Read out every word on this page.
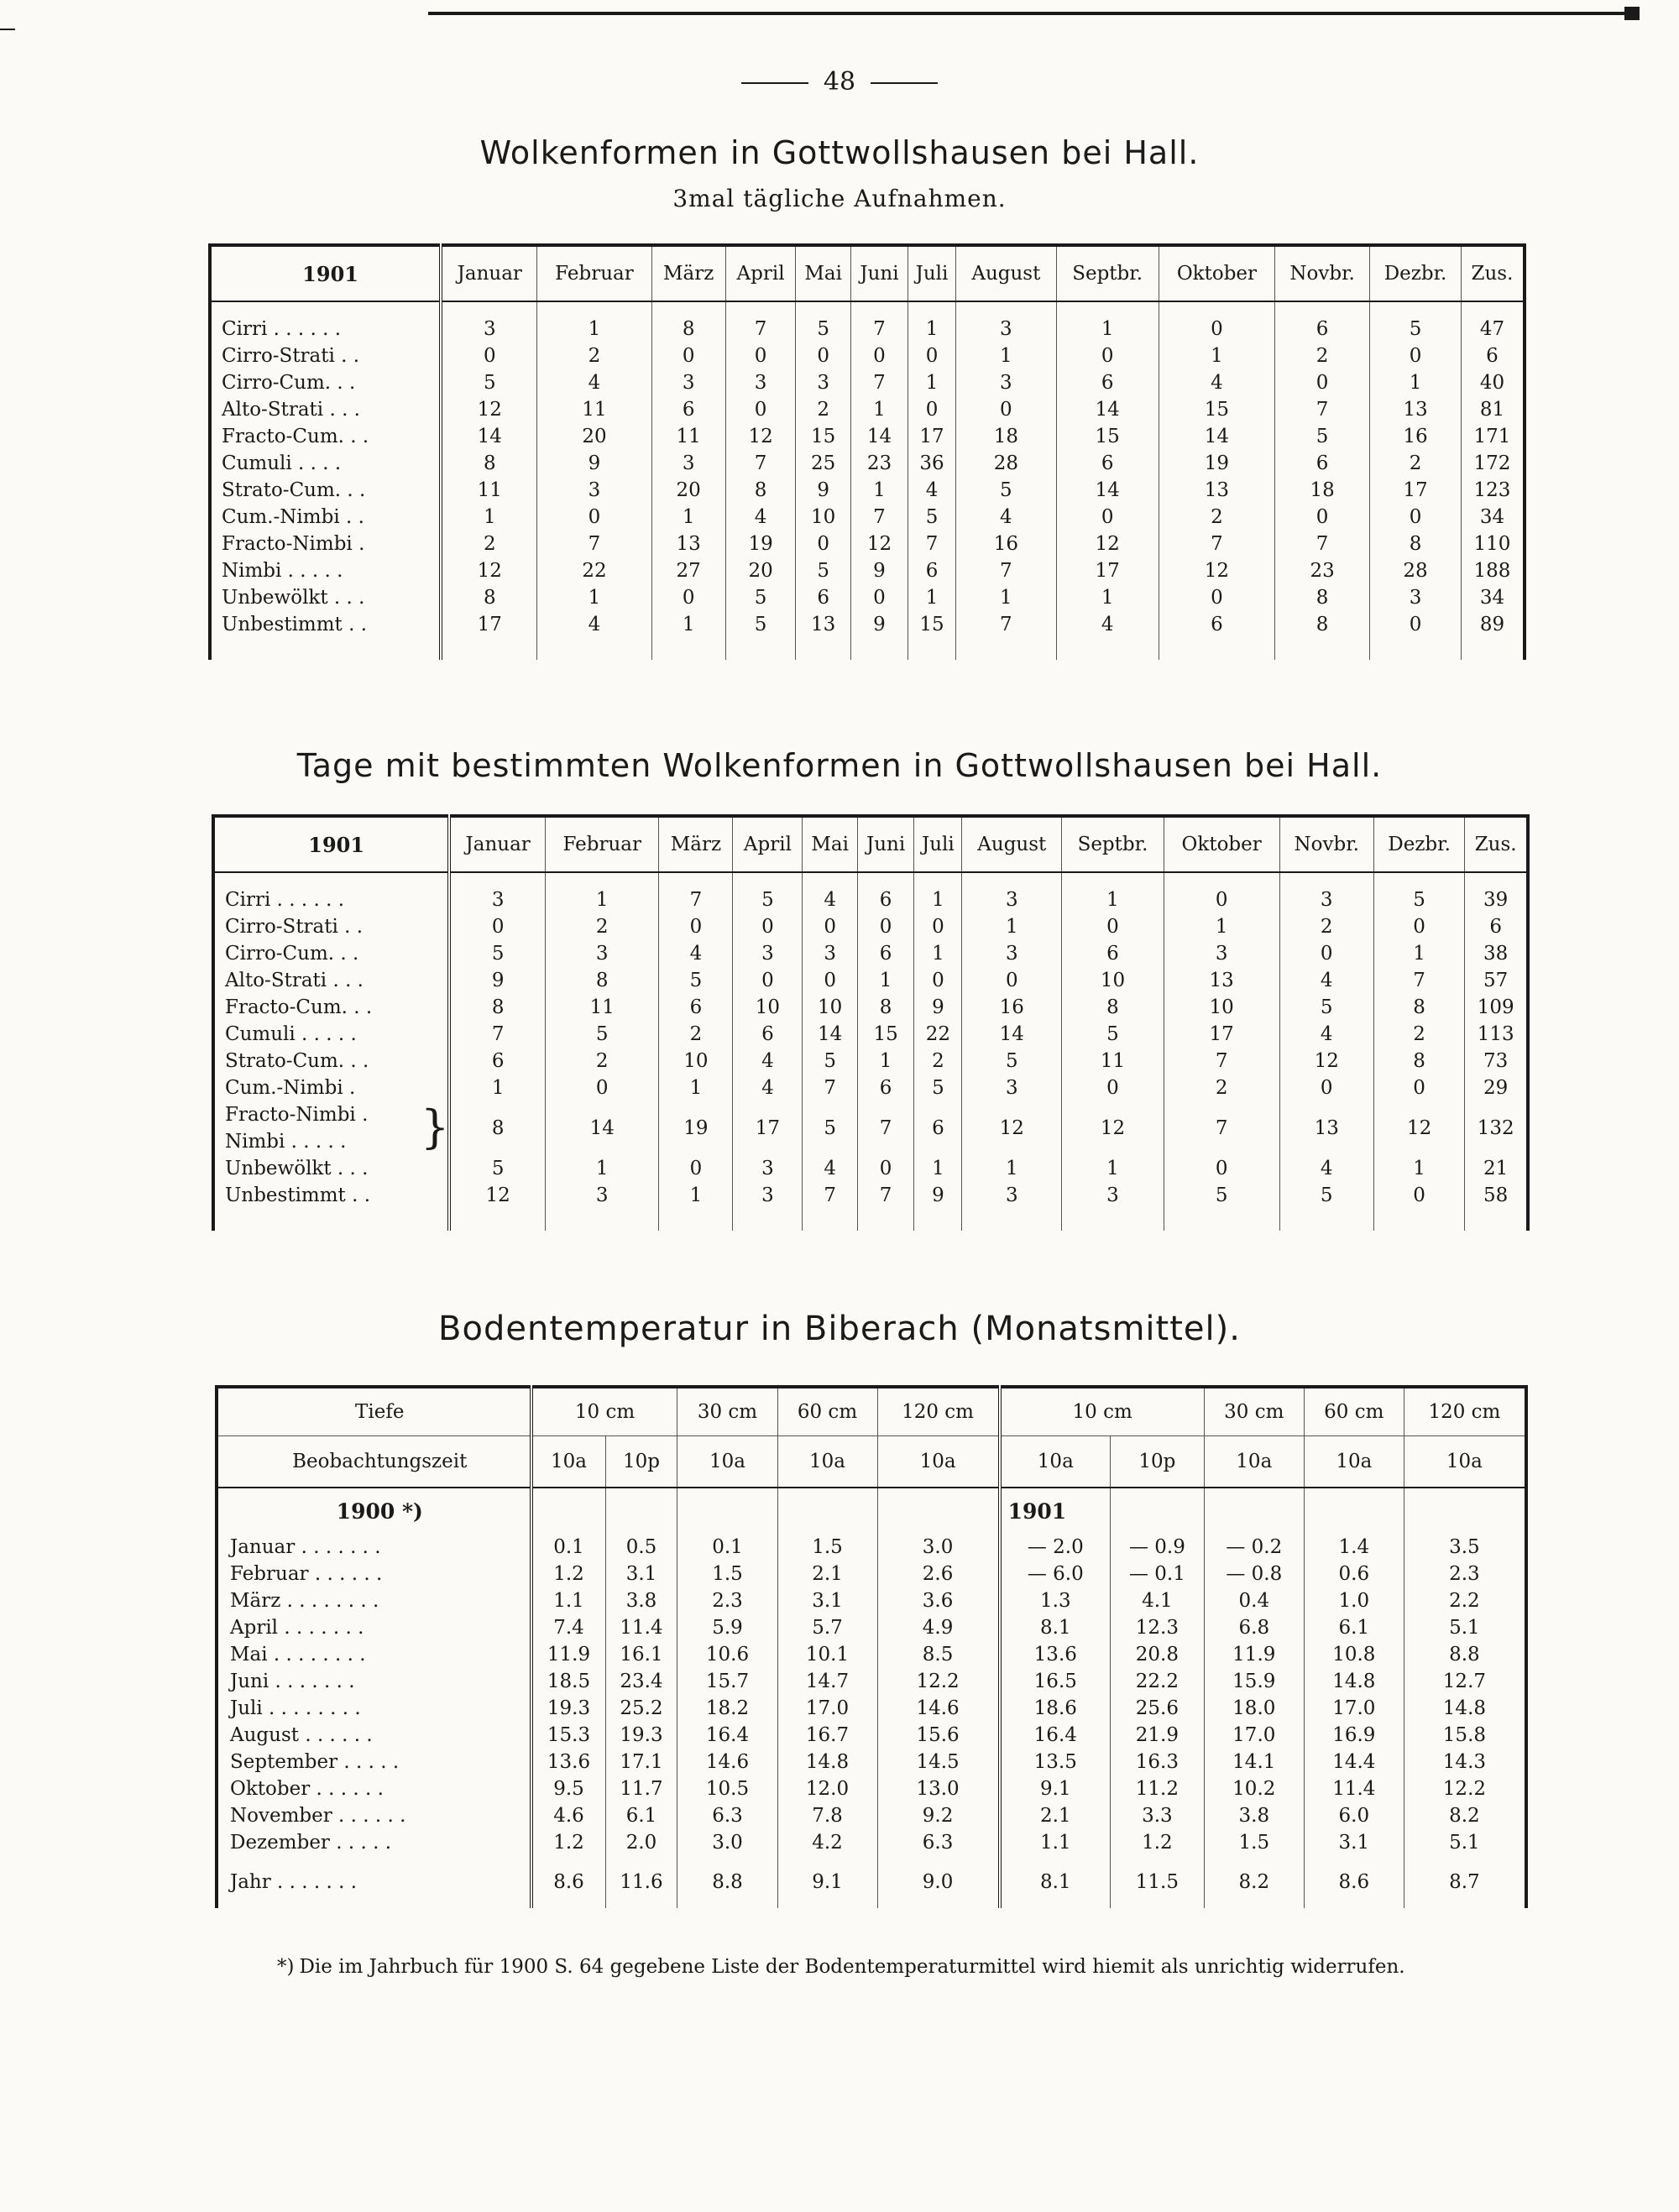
48
Wolkenformen in Gottwollshausen bei Hall.
3mal tägliche Aufnahmen.
1901	Januar	Februar	März	April	Mai	Juni	Juli	August	Septbr.	Oktober	Novbr.	Dezbr.	Zus.

Cirri . . . . . .	3	1	8	7	5	7	1	3	1	0	6	5	47
Cirro-Strati . .	0	2	0	0	0	0	0	1	0	1	2	0	6
Cirro-Cum. . .	5	4	3	3	3	7	1	3	6	4	0	1	40
Alto-Strati . . .	12	11	6	0	2	1	0	0	14	15	7	13	81
Fracto-Cum. . .	14	20	11	12	15	14	17	18	15	14	5	16	171
Cumuli . . . .	8	9	3	7	25	23	36	28	6	19	6	2	172
Strato-Cum. . .	11	3	20	8	9	1	4	5	14	13	18	17	123
Cum.-Nimbi . .	1	0	1	4	10	7	5	4	0	2	0	0	34
Fracto-Nimbi .	2	7	13	19	0	12	7	16	12	7	7	8	110
Nimbi . . . . .	12	22	27	20	5	9	6	7	17	12	23	28	188
Unbewölkt . . .	8	1	0	5	6	0	1	1	1	0	8	3	34
Unbestimmt . .	17	4	1	5	13	9	15	7	4	6	8	0	89

Tage mit bestimmten Wolkenformen in Gottwollshausen bei Hall.
1901	Januar	Februar	März	April	Mai	Juni	Juli	August	Septbr.	Oktober	Novbr.	Dezbr.	Zus.

Cirri . . . . . .	3	1	7	5	4	6	1	3	1	0	3	5	39
Cirro-Strati . .	0	2	0	0	0	0	0	1	0	1	2	0	6
Cirro-Cum. . .	5	3	4	3	3	6	1	3	6	3	0	1	38
Alto-Strati . . .	9	8	5	0	0	1	0	0	10	13	4	7	57
Fracto-Cum. . .	8	11	6	10	10	8	9	16	8	10	5	8	109
Cumuli . . . . .	7	5	2	6	14	15	22	14	5	17	4	2	113
Strato-Cum. . .	6	2	10	4	5	1	2	5	11	7	12	8	73
Cum.-Nimbi .	1	0	1	4	7	6	5	3	0	2	0	0	29
Fracto-Nimbi . }	8	14	19	17	5	7	6	12	12	7	13	12	132
Nimbi . . . . .													
Unbewölkt . . .	5	1	0	3	4	0	1	1	1	0	4	1	21
Unbestimmt . .	12	3	1	3	7	7	9	3	3	5	5	0	58

Bodentemperatur in Biberach (Monatsmittel).
Tiefe	10 cm		30 cm	60 cm	120 cm	10 cm		30 cm	60 cm	120 cm
Beobachtungszeit	10a	10p	10a	10a	10a	10a	10p	10a	10a	10a
1900 *)						1901				
Januar . . . . . . .	0.1	0.5	0.1	1.5	3.0	— 2.0	— 0.9	— 0.2	1.4	3.5
Februar . . . . . .	1.2	3.1	1.5	2.1	2.6	— 6.0	— 0.1	— 0.8	0.6	2.3
März . . . . . . . .	1.1	3.8	2.3	3.1	3.6	1.3	4.1	0.4	1.0	2.2
April . . . . . . .	7.4	11.4	5.9	5.7	4.9	8.1	12.3	6.8	6.1	5.1
Mai . . . . . . . .	11.9	16.1	10.6	10.1	8.5	13.6	20.8	11.9	10.8	8.8
Juni . . . . . . .	18.5	23.4	15.7	14.7	12.2	16.5	22.2	15.9	14.8	12.7
Juli . . . . . . . .	19.3	25.2	18.2	17.0	14.6	18.6	25.6	18.0	17.0	14.8
August . . . . . .	15.3	19.3	16.4	16.7	15.6	16.4	21.9	17.0	16.9	15.8
September . . . . .	13.6	17.1	14.6	14.8	14.5	13.5	16.3	14.1	14.4	14.3
Oktober . . . . . .	9.5	11.7	10.5	12.0	13.0	9.1	11.2	10.2	11.4	12.2
November . . . . . .	4.6	6.1	6.3	7.8	9.2	2.1	3.3	3.8	6.0	8.2
Dezember . . . . .	1.2	2.0	3.0	4.2	6.3	1.1	1.2	1.5	3.1	5.1
Jahr . . . . . . .	8.6	11.6	8.8	9.1	9.0	8.1	11.5	8.2	8.6	8.7
*) Die im Jahrbuch für 1900 S. 64 gegebene Liste der Bodentemperaturmittel wird hiemit als unrichtig widerrufen.
